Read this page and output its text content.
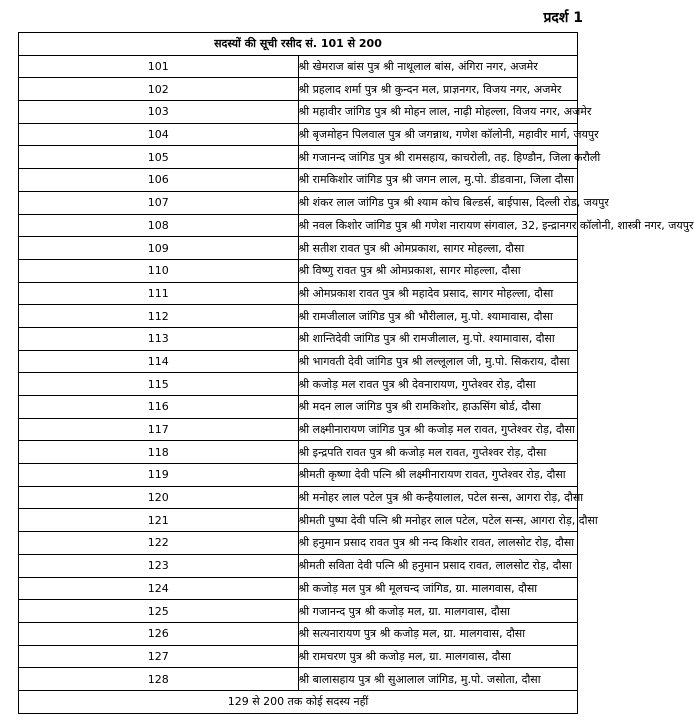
प्रदर्श 1
सदस्यों की सूची रसीद सं. 101 से 200	
101	श्री खेमराज बांस पुत्र श्री नाथूलाल बांस, अंगिरा नगर, अजमेर
102	श्री प्रहलाद शर्मा पुत्र श्री कुन्दन मल, प्राज्ञनगर, विजय नगर, अजमेर
103	श्री महावीर जांगिड पुत्र श्री मोहन लाल, नाढ़ी मोहल्ला, विजय नगर, अजमेर
104	श्री बृजमोहन पिलवाल पुत्र श्री जगन्नाथ, गणेश कॉलोनी, महावीर मार्ग, जयपुर
105	श्री गजानन्द जांगिड पुत्र श्री रामसहाय, काचरोली, तह. हिण्डौन, जिला करौली
106	श्री रामकिशोर जांगिड पुत्र श्री जगन लाल, मु.पो. डीडवाना, जिला दौसा
107	श्री शंकर लाल जांगिड पुत्र श्री श्याम कोच बिल्डर्स, बाईपास, दिल्ली रोड, जयपुर
108	श्री नवल किशोर जांगिड पुत्र श्री गणेश नारायण संगवाल, 32, इन्द्रानगर कॉलोनी, शास्त्री नगर, जयपुर
109	श्री सतीश रावत पुत्र श्री ओमप्रकाश, सागर मोहल्ला, दौसा
110	श्री विष्णु रावत पुत्र श्री ओमप्रकाश, सागर मोहल्ला, दौसा
111	श्री ओमप्रकाश रावत पुत्र श्री महादेव प्रसाद, सागर मोहल्ला, दौसा
112	श्री रामजीलाल जांगिड पुत्र श्री भौरीलाल, मु.पो. श्यामावास, दौसा
113	श्री शान्तिदेवी जांगिड पुत्र श्री रामजीलाल, मु.पो. श्यामावास, दौसा
114	श्री भागवती देवी जांगिड पुत्र श्री लल्लूलाल जी, मु.पो. सिकराय, दौसा
115	श्री कजोड़ मल रावत पुत्र श्री देवनारायण, गुप्तेश्वर रोड़, दौसा
116	श्री मदन लाल जांगिड पुत्र श्री रामकिशोर, हाऊसिंग बोर्ड, दौसा
117	श्री लक्ष्मीनारायण जांगिड पुत्र श्री कजोड़ मल रावत, गुप्तेश्वर रोड़, दौसा
118	श्री इन्द्रपति रावत पुत्र श्री कजोड़ मल रावत, गुप्तेश्वर रोड़, दौसा
119	श्रीमती कृष्णा देवी पत्नि श्री लक्ष्मीनारायण रावत, गुप्तेश्वर रोड़, दौसा
120	श्री मनोहर लाल पटेल पुत्र श्री कन्हैयालाल, पटेल सन्स, आगरा रोड़, दौसा
121	श्रीमती पुष्पा देवी पत्नि श्री मनोहर लाल पटेल, पटेल सन्स, आगरा रोड़, दौसा
122	श्री हनुमान प्रसाद रावत पुत्र श्री नन्द किशोर रावत, लालसोट रोड़, दौसा
123	श्रीमती सविता देवी पत्नि श्री हनुमान प्रसाद रावत, लालसोट रोड़, दौसा
124	श्री कजोड़ मल पुत्र श्री मूलचन्द जांगिड, ग्रा. मालगवास, दौसा
125	श्री गजानन्द पुत्र श्री कजोड़ मल, ग्रा. मालगवास, दौसा
126	श्री सत्यनारायण पुत्र श्री कजोड़ मल, ग्रा. मालगवास, दौसा
127	श्री रामचरण पुत्र श्री कजोड़ मल, ग्रा. मालगवास, दौसा
128	श्री बालासहाय पुत्र श्री सुआलाल जांगिड, मु.पो. जसोता, दौसा
129 से 200 तक कोई सदस्य नहीं	
